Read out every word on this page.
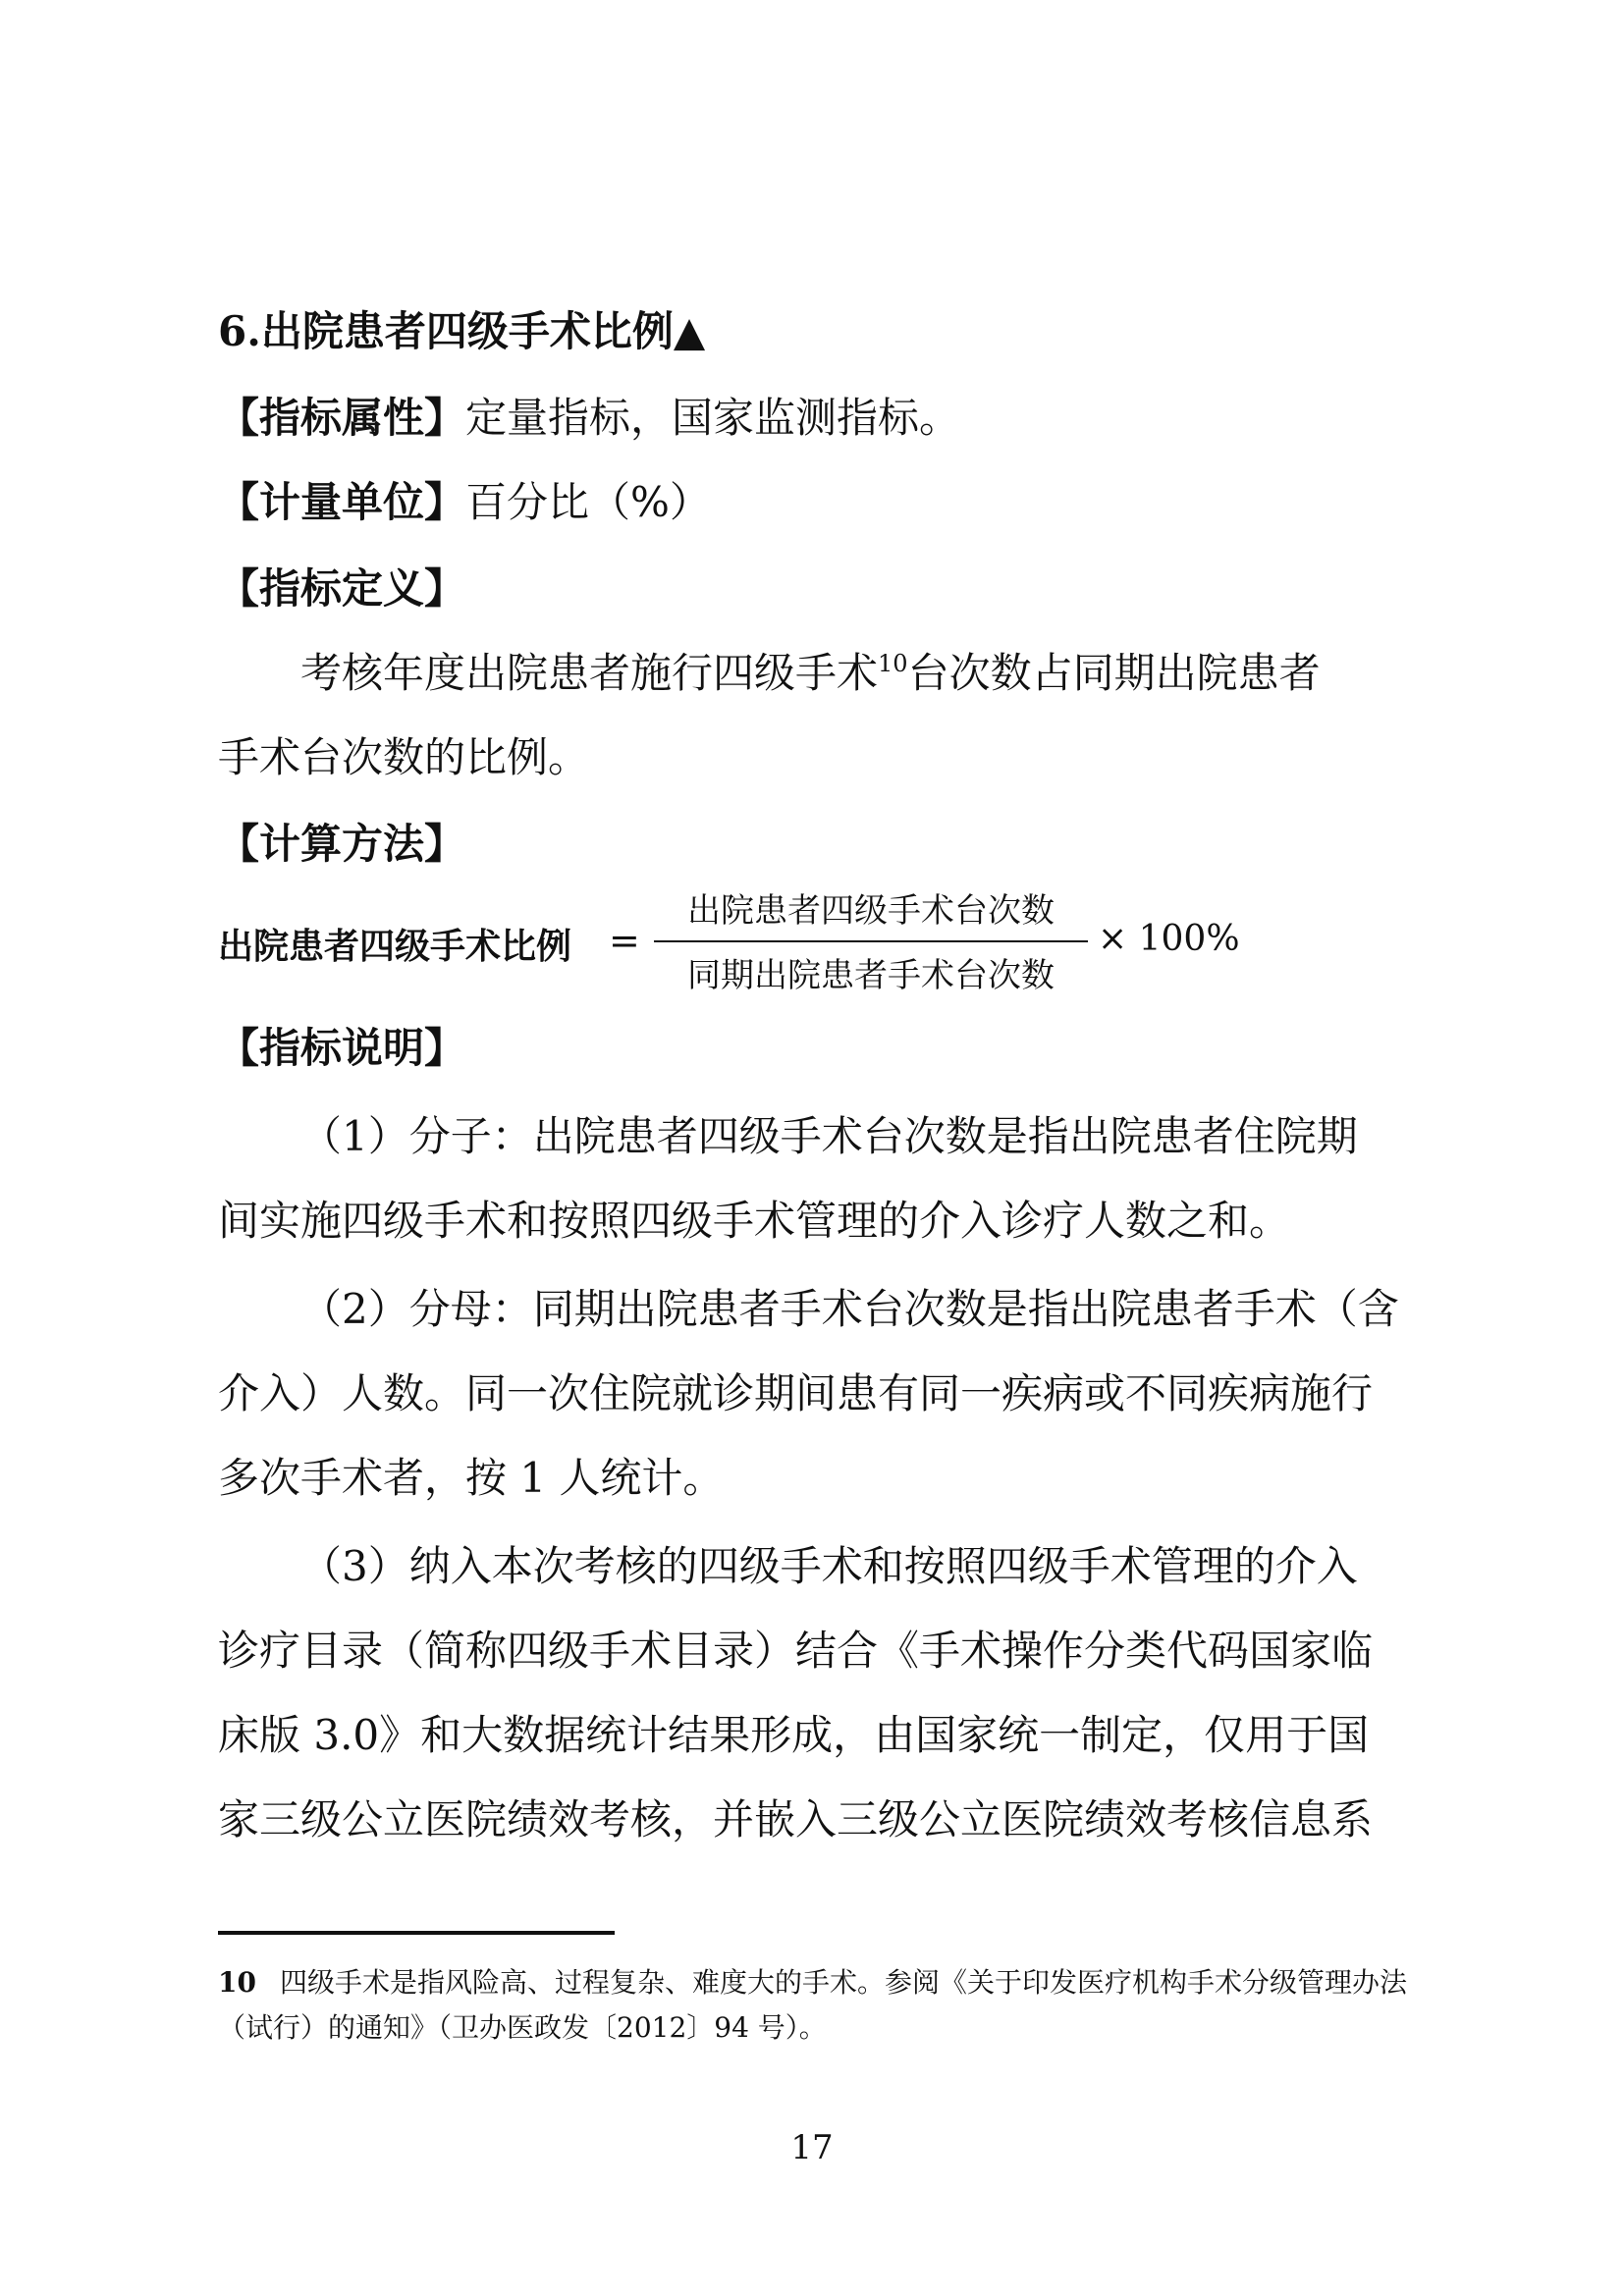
6.出院患者四级手术比例▲
【指标属性】定量指标，国家监测指标。
【计量单位】百分比（%）
【指标定义】
考核年度出院患者施行四级手术$^{10}$台次数占同期出院患者
手术台次数的比例。
【计算方法】
出院患者四级手术比例 =
出院患者四级手术台次数
同期出院患者手术台次数
× 100%
【指标说明】
（1）分子：出院患者四级手术台次数是指出院患者住院期
间实施四级手术和按照四级手术管理的介入诊疗人数之和。
（2）分母：同期出院患者手术台次数是指出院患者手术（含
介入）人数。同一次住院就诊期间患有同一疾病或不同疾病施行
多次手术者，按 1 人统计。
（3）纳入本次考核的四级手术和按照四级手术管理的介入
诊疗目录（简称四级手术目录）结合《手术操作分类代码国家临
床版 3.0》和大数据统计结果形成，由国家统一制定，仅用于国
家三级公立医院绩效考核，并嵌入三级公立医院绩效考核信息系
10 四级手术是指风险高、过程复杂、难度大的手术。参阅《关于印发医疗机构手术分级管理办法
（试行）的通知》（卫办医政发〔2012〕94 号）。
17
